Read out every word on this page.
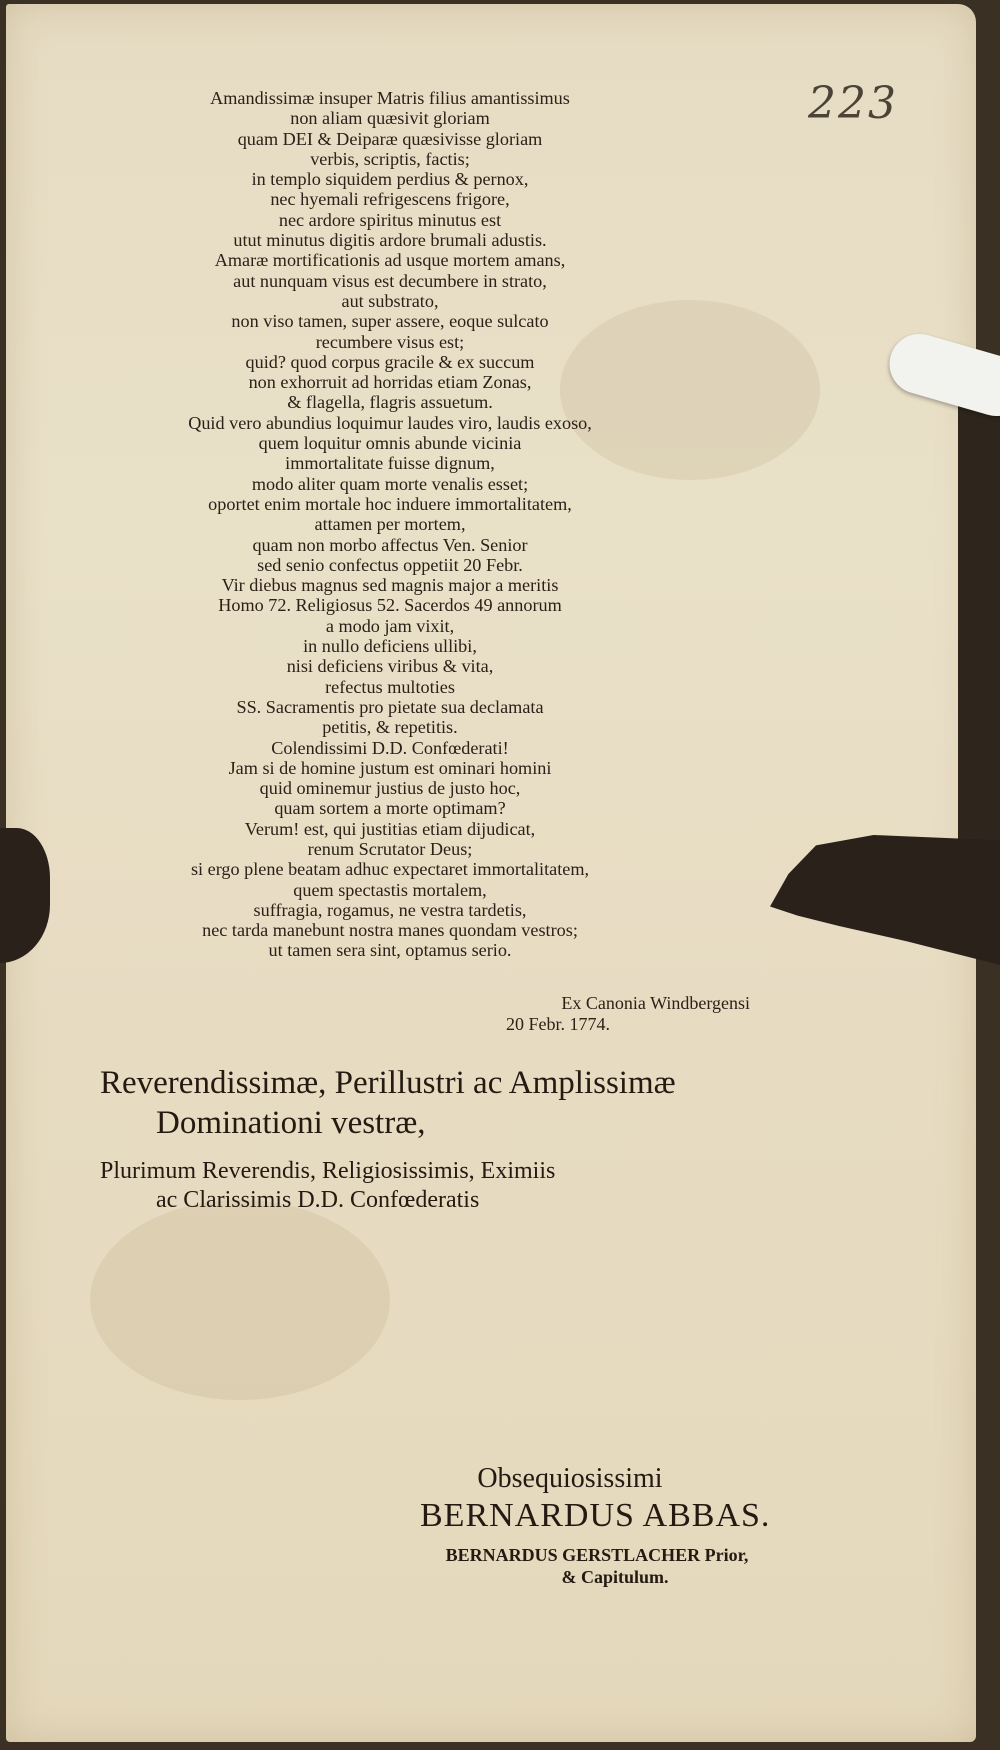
223
Amandissimæ insuper Matris filius amantissimus
non aliam quæsivit gloriam
quam DEI & Deiparæ quæsivisse gloriam
verbis, scriptis, factis;
in templo siquidem perdius & pernox,
nec hyemali refrigescens frigore,
nec ardore spiritus minutus est
utut minutus digitis ardore brumali adustis.
Amaræ mortificationis ad usque mortem amans,
aut nunquam visus est decumbere in strato,
aut substrato,
non viso tamen, super assere, eoque sulcato
recumbere visus est;
quid? quod corpus gracile & ex succum
non exhorruit ad horridas etiam Zonas,
& flagella, flagris assuetum.
Quid vero abundius loquimur laudes viro, laudis exoso,
quem loquitur omnis abunde vicinia
immortalitate fuisse dignum,
modo aliter quam morte venalis esset;
oportet enim mortale hoc induere immortalitatem,
attamen per mortem,
quam non morbo affectus Ven. Senior
sed senio confectus oppetiit 20 Febr.
Vir diebus magnus sed magnis major a meritis
Homo 72. Religiosus 52. Sacerdos 49 annorum
a modo jam vixit,
in nullo deficiens ullibi,
nisi deficiens viribus & vita,
refectus multoties
SS. Sacramentis pro pietate sua declamata
petitis, & repetitis.
Colendissimi D.D. Confœderati!
Jam si de homine justum est ominari homini
quid ominemur justius de justo hoc,
quam sortem a morte optimam?
Verum! est, qui justitias etiam dijudicat,
renum Scrutator Deus;
si ergo plene beatam adhuc expectaret immortalitatem,
quem spectastis mortalem,
suffragia, rogamus, ne vestra tardetis,
nec tarda manebunt nostra manes quondam vestros;
ut tamen sera sint, optamus serio.
Ex Canonia Windbergensi
20 Febr. 1774.
Reverendissimæ, Perillustri ac Amplissimæ
Dominationi vestræ,
Plurimum Reverendis, Religiosissimis, Eximiis
ac Clarissimis D.D. Confœderatis
Obsequiosissimi
BERNARDUS ABBAS.
BERNARDUS GERSTLACHER Prior,
& Capitulum.
